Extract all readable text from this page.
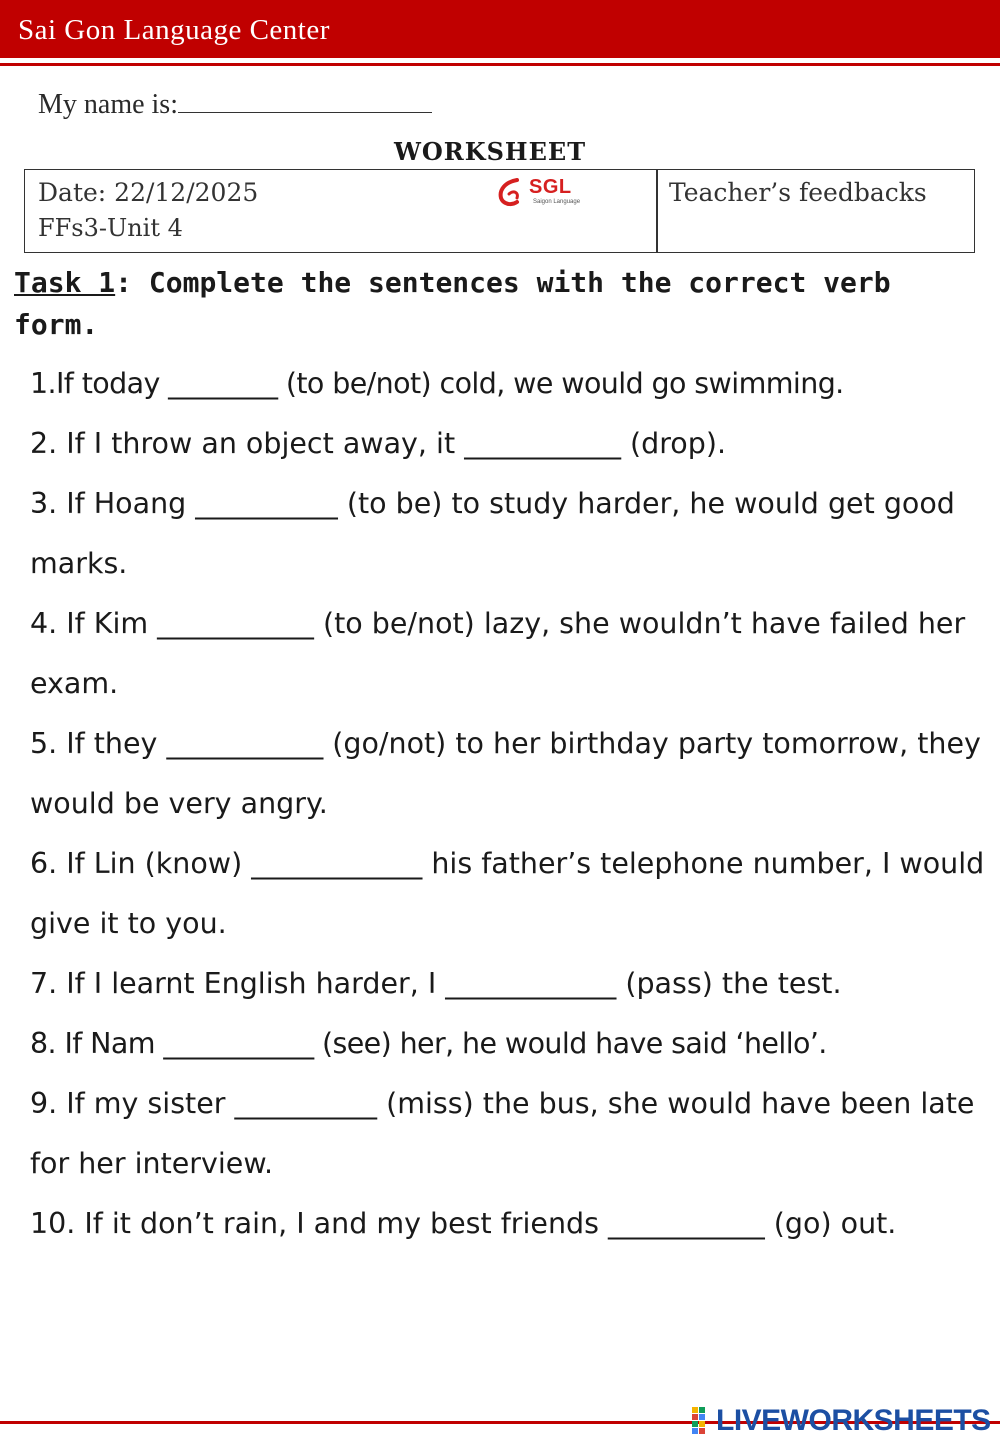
Sai Gon Language Center
My name is:
WORKSHEET
Date: 22/12/2025
FFs3-Unit 4
SGL
Saigon Language	Teacher’s feedbacks
Task 1: Complete the sentences with the correct verb form.
1.If today ________ (to be/not) cold, we would go swimming.
2. If I throw an object away, it ___________ (drop).
3. If Hoang __________ (to be) to study harder, he would get good marks.
4. If Kim ___________ (to be/not) lazy, she wouldn’t have failed her exam.
5. If they ___________ (go/not) to her birthday party tomorrow, they would be very angry.
6. If Lin (know) ____________ his father’s telephone number, I would give it to you.
7. If I learnt English harder, I ____________ (pass) the test.
8. If Nam ___________ (see) her, he would have said ‘hello’.
9. If my sister __________ (miss) the bus, she would have been late for her interview.
10. If it don’t rain, I and my best friends ___________ (go) out.
LIVEWORKSHEETS
